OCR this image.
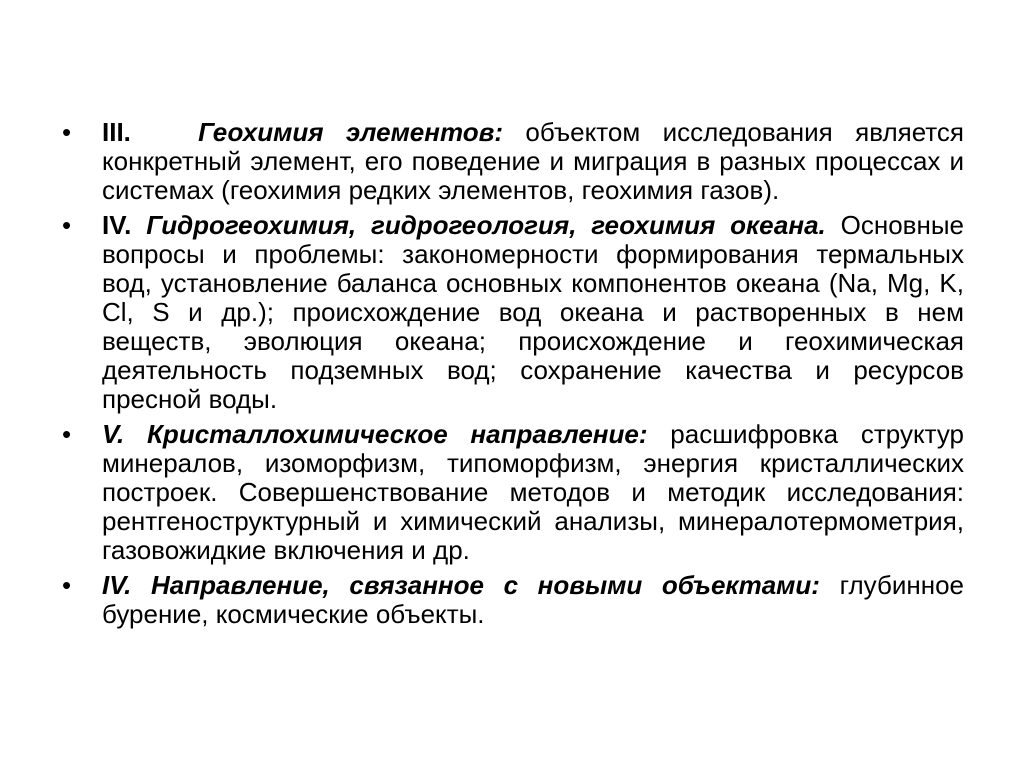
• III.	Геохимия элементов: объектом исследования является конкретный элемент, его поведение и миграция в разных процессах и системах (геохимия редких элементов, геохимия газов).

• IV. Гидрогеохимия, гидрогеология, геохимия океана. Основные вопросы и проблемы: закономерности формирования термальных вод, установление баланса основных компонентов океана (Na, Mg, K, Cl, S и др.); происхождение вод океана и растворенных в нем веществ, эволюция океана; происхождение и геохимическая деятельность подземных вод; сохранение качества и ресурсов пресной воды.

• V. Кристаллохимическое направление: расшифровка структур минералов, изоморфизм, типоморфизм, энергия кристаллических построек. Совершенствование методов и методик исследования: рентгеноструктурный и химический анализы, минералотермометрия, газовожидкие включения и др.

• IV. Направление, связанное с новыми объектами: глубинное бурение, космические объекты.
